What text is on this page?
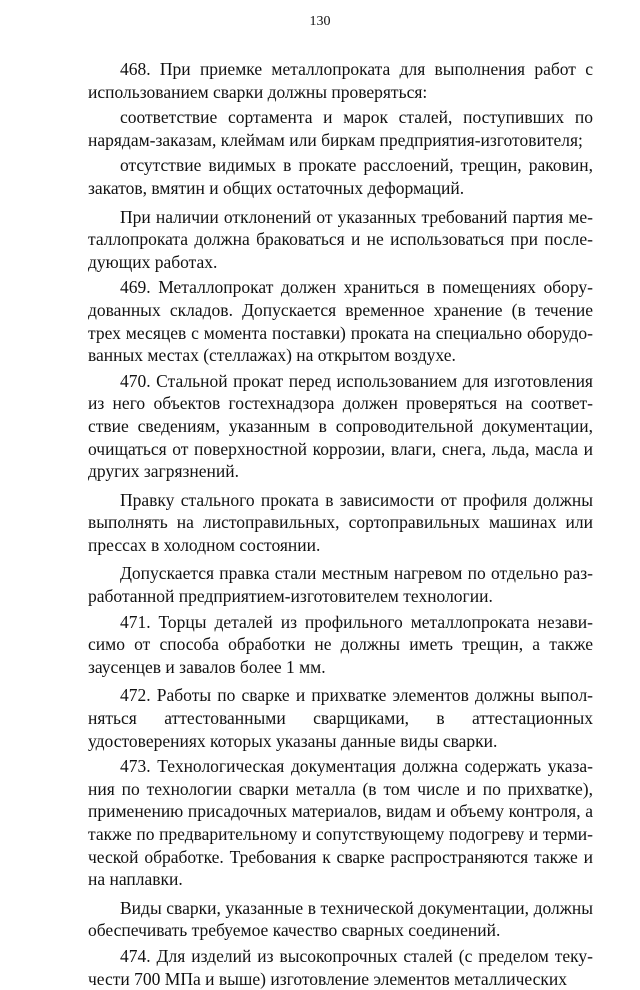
130

468. При приемке металлопроката для выполнения работ с использованием сварки должны проверяться:

соответствие сортамента и марок сталей, поступивших по нарядам-заказам, клеймам или биркам предприятия-изготовителя;

отсутствие видимых в прокате расслоений, трещин, раковин, закатов, вмятин и общих остаточных деформаций.

При наличии отклонений от указанных требований партия металлопроката должна браковаться и не использоваться при последующих работах.

469. Металлопрокат должен храниться в помещениях оборудованных складов. Допускается временное хранение (в течение трех месяцев с момента поставки) проката на специально оборудованных местах (стеллажах) на открытом воздухе.

470. Стальной прокат перед использованием для изготовления из него объектов гостехнадзора должен проверяться на соответствие сведениям, указанным в сопроводительной документации, очищаться от поверхностной коррозии, влаги, снега, льда, масла и других загрязнений.

Правку стального проката в зависимости от профиля должны выполнять на листоправильных, сортоправильных машинах или прессах в холодном состоянии.

Допускается правка стали местным нагревом по отдельно разработанной предприятием-изготовителем технологии.

471. Торцы деталей из профильного металлопроката независимо от способа обработки не должны иметь трещин, а также заусенцев и завалов более 1 мм.

472. Работы по сварке и прихватке элементов должны выполняться аттестованными сварщиками, в аттестационных удостоверениях которых указаны данные виды сварки.

473. Технологическая документация должна содержать указания по технологии сварки металла (в том числе и по прихватке), применению присадочных материалов, видам и объему контроля, а также по предварительному и сопутствующему подогреву и термической обработке. Требования к сварке распространяются также и на наплавки.

Виды сварки, указанные в технической документации, должны обеспечивать требуемое качество сварных соединений.

474. Для изделий из высокопрочных сталей (с пределом текучести 700 МПа и выше) изготовление элементов металлических
